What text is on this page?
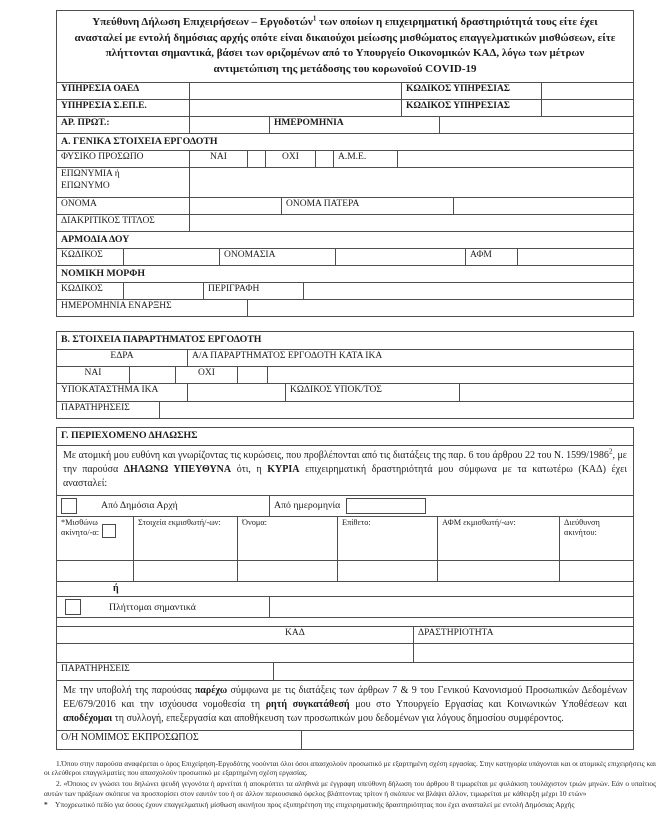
Υπεύθυνη Δήλωση Επιχειρήσεων – Εργοδοτών$^1$ των οποίων η επιχειρηματική δραστηριότητά τους είτε έχει ανασταλεί με εντολή δημόσιας αρχής οπότε είναι δικαιούχοι μείωσης μισθώματος επαγγελματικών μισθώσεων, είτε πλήττονται σημαντικά, βάσει των οριζομένων από το Υπουργείο Οικονομικών ΚΑΔ, λόγω των μέτρων αντιμετώπιση της μετάδοσης του κορωνοϊού COVID-19
ΥΠΗΡΕΣΙΑ ΟΑΕΔ	ΚΩΔΙΚΟΣ ΥΠΗΡΕΣΙΑΣ
ΥΠΗΡΕΣΙΑ Σ.ΕΠ.Ε.	ΚΩΔΙΚΟΣ ΥΠΗΡΕΣΙΑΣ
ΑΡ. ΠΡΩΤ.:	ΗΜΕΡΟΜΗΝΙΑ
Α. ΓΕΝΙΚΑ ΣΤΟΙΧΕΙΑ ΕΡΓΟΔΟΤΗ
ΦΥΣΙΚΟ ΠΡΟΣΩΠΟ	ΝΑΙ	ΟΧΙ	Α.Μ.Ε.
ΕΠΩΝΥΜΙΑ ή
ΕΠΩΝΥΜΟ
ΟΝΟΜΑ	ΟΝΟΜΑ ΠΑΤΕΡΑ
ΔΙΑΚΡΙΤΙΚΟΣ ΤΙΤΛΟΣ
ΑΡΜΟΔΙΑ ΔΟΥ
ΚΩΔΙΚΟΣ	ΟΝΟΜΑΣΙΑ	ΑΦΜ
ΝΟΜΙΚΗ ΜΟΡΦΗ
ΚΩΔΙΚΟΣ	ΠΕΡΙΓΡΑΦΗ
ΗΜΕΡΟΜΗΝΙΑ ΕΝΑΡΞΗΣ
Β. ΣΤΟΙΧΕΙΑ ΠΑΡΑΡΤΗΜΑΤΟΣ ΕΡΓΟΔΟΤΗ
ΕΔΡΑ	Α/Α ΠΑΡΑΡΤΗΜΑΤΟΣ ΕΡΓΟΔΟΤΗ ΚΑΤΑ ΙΚΑ
ΝΑΙ	ΟΧΙ
ΥΠΟΚΑΤΑΣΤΗΜΑ ΙΚΑ	ΚΩΔΙΚΟΣ ΥΠΟΚ/ΤΟΣ
ΠΑΡΑΤΗΡΗΣΕΙΣ
Γ. ΠΕΡΙΕΧΟΜΕΝΟ ΔΗΛΩΣΗΣ
Με ατομική μου ευθύνη και γνωρίζοντας τις κυρώσεις, που προβλέπονται από τις διατάξεις της παρ. 6 του άρθρου 22 του Ν. 1599/1986$^2$, με την παρούσα ΔΗΛΩΝΩ ΥΠΕΥΘΥΝΑ ότι, η ΚΥΡΙΑ επιχειρηματική δραστηριότητά μου σύμφωνα με τα κατωτέρω (ΚΑΔ) έχει ανασταλεί:
Από Δημόσια Αρχή	Από ημερομηνία
*Μισθώνω
ακίνητο/-α:
Στοιχεία εκμισθωτή/-ων:	Όνομα:	Επίθετο:	ΑΦΜ εκμισθωτή/-ων:	Διεύθυνση ακινήτου:
ή
Πλήττομαι σημαντικά
ΚΑΔ	ΔΡΑΣΤΗΡΙΟΤΗΤΑ
ΠΑΡΑΤΗΡΗΣΕΙΣ
Με την υποβολή της παρούσας παρέχω σύμφωνα με τις διατάξεις των άρθρων 7 & 9 του Γενικού Κανονισμού Προσωπικών Δεδομένων ΕΕ/679/2016 και την ισχύουσα νομοθεσία τη ρητή συγκατάθεσή μου στο Υπουργείο Εργασίας και Κοινωνικών Υποθέσεων και αποδέχομαι τη συλλογή, επεξεργασία και αποθήκευση των προσωπικών μου δεδομένων για λόγους δημοσίου συμφέροντος.
Ο/Η ΝΟΜΙΜΟΣ ΕΚΠΡΟΣΩΠΟΣ
1.Όπου στην παρούσα αναφέρεται ο όρος Επιχείρηση-Εργοδότης νοούνται όλοι όσοι απασχολούν προσωπικό με εξαρτημένη σχέση εργασίας. Στην κατηγορία υπάγονται και οι ατομικές επιχειρήσεις και οι ελεύθεροι επαγγελματίες που απασχολούν προσωπικό με εξαρτημένη σχέση εργασίας.
2. «Όποιος εν γνώσει του δηλώνει ψευδή γεγονότα ή αρνείται ή αποκρύπτει τα αληθινά με έγγραφη υπεύθυνη δήλωση του άρθρου 8 τιμωρείται με φυλάκιση τουλάχιστον τριών μηνών. Εάν ο υπαίτιος αυτών των πράξεων σκόπευε να προσπορίσει στον εαυτόν του ή σε άλλον περιουσιακό όφελος βλάπτοντας τρίτον ή σκόπευε να βλάψει άλλον, τιμωρείται με κάθειρξη μέχρι 10 ετών»
* Υποχρεωτικό πεδίο για όσους έχουν επαγγελματική μίσθωση ακινήτου προς εξυπηρέτηση της επιχειρηματικής δραστηριότητας που έχει ανασταλεί με εντολή Δημόσιας Αρχής
